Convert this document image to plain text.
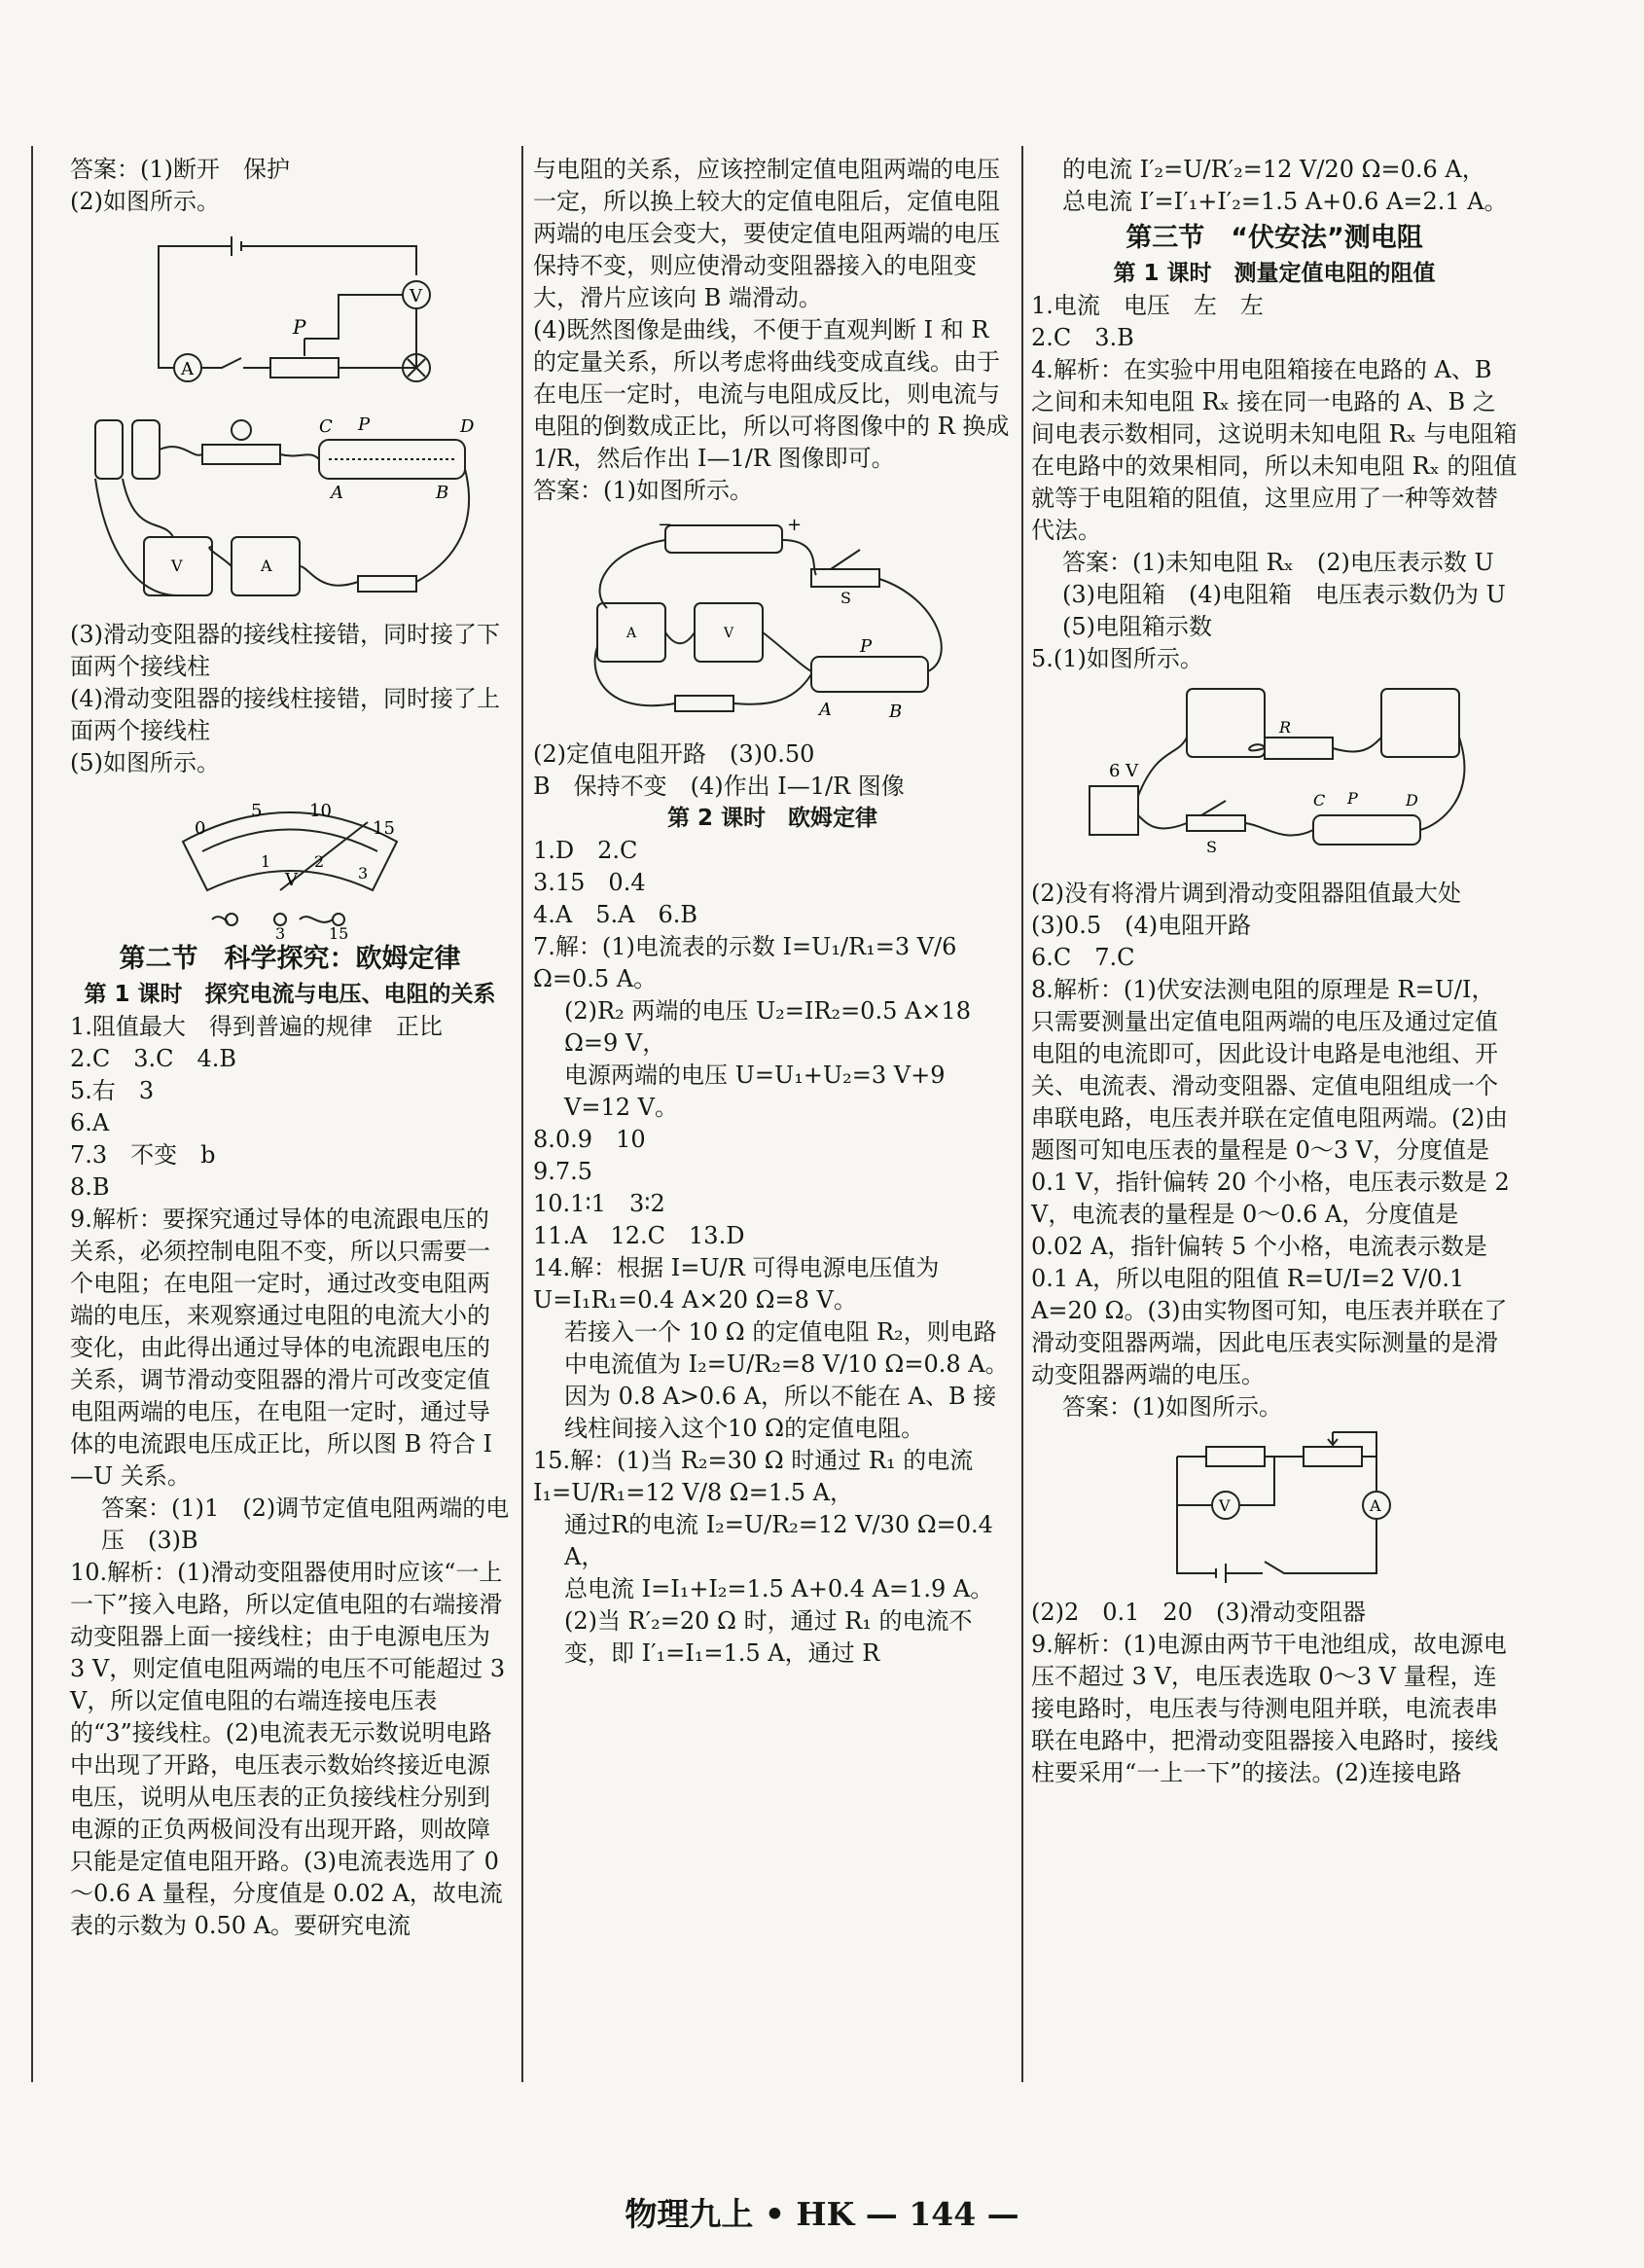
答案：(1)断开　保护

(2)如图所示。

A
V
P
C P	D
A	B
V	A

(3)滑动变阻器的接线柱接错，同时接了下面两个接线柱

(4)滑动变阻器的接线柱接错，同时接了上面两个接线柱

(5)如图所示。

0
5	10
15
1	2
3
V
3	15

第二节　科学探究：欧姆定律

第 1 课时　探究电流与电压、电阻的关系

1.阻值最大　得到普遍的规律　正比

2.C　3.C　4.B

5.右　3

6.A

7.3　不变　b

8.B

9.解析：要探究通过导体的电流跟电压的关系，必须控制电阻不变，所以只需要一个电阻；在电阻一定时，通过改变电阻两端的电压，来观察通过电阻的电流大小的变化，由此得出通过导体的电流跟电压的关系，调节滑动变阻器的滑片可改变定值电阻两端的电压，在电阻一定时，通过导体的电流跟电压成正比，所以图 B 符合 I—U 关系。

答案：(1)1　(2)调节定值电阻两端的电压　(3)B

10.解析：(1)滑动变阻器使用时应该“一上一下”接入电路，所以定值电阻的右端接滑动变阻器上面一接线柱；由于电源电压为 3 V，则定值电阻两端的电压不可能超过 3 V，所以定值电阻的右端连接电压表的“3”接线柱。(2)电流表无示数说明电路中出现了开路，电压表示数始终接近电源电压，说明从电压表的正负接线柱分别到电源的正负两极间没有出现开路，则故障只能是定值电阻开路。(3)电流表选用了 0～0.6 A 量程，分度值是 0.02 A，故电流表的示数为 0.50 A。要研究电流

与电阻的关系，应该控制定值电阻两端的电压一定，所以换上较大的定值电阻后，定值电阻两端的电压会变大，要使定值电阻两端的电压保持不变，则应使滑动变阻器接入的电阻变大，滑片应该向 B 端滑动。

(4)既然图像是曲线，不便于直观判断 I 和 R 的定量关系，所以考虑将曲线变成直线。由于在电压一定时，电流与电阻成反比，则电流与电阻的倒数成正比，所以可将图像中的 R 换成 1/R，然后作出 I—1/R 图像即可。

答案：(1)如图所示。

−	+
S
P
A	B
A	V

(2)定值电阻开路　(3)0.50

B　保持不变　(4)作出 I—1/R 图像

第 2 课时　欧姆定律

1.D　2.C

3.15　0.4

4.A　5.A　6.B

7.解：(1)电流表的示数 I=U₁/R₁=3 V/6 Ω=0.5 A。

(2)R₂ 两端的电压 U₂=IR₂=0.5 A×18 Ω=9 V，

电源两端的电压 U=U₁+U₂=3 V+9 V=12 V。

8.0.9　10

9.7.5

10.1∶1　3∶2

11.A　12.C　13.D

14.解：根据 I=U/R 可得电源电压值为 U=I₁R₁=0.4 A×20 Ω=8 V。

若接入一个 10 Ω 的定值电阻 R₂，则电路中电流值为 I₂=U/R₂=8 V/10 Ω=0.8 A。

因为 0.8 A>0.6 A，所以不能在 A、B 接线柱间接入这个10 Ω的定值电阻。

15.解：(1)当 R₂=30 Ω 时通过 R₁ 的电流 I₁=U/R₁=12 V/8 Ω=1.5 A，

通过R的电流 I₂=U/R₂=12 V/30 Ω=0.4 A，

总电流 I=I₁+I₂=1.5 A+0.4 A=1.9 A。

(2)当 R′₂=20 Ω 时，通过 R₁ 的电流不变，即 I′₁=I₁=1.5 A，通过 R

的电流 I′₂=U/R′₂=12 V/20 Ω=0.6 A，

总电流 I′=I′₁+I′₂=1.5 A+0.6 A=2.1 A。

第三节　“伏安法”测电阻

第 1 课时　测量定值电阻的阻值

1.电流　电压　左　左

2.C　3.B

4.解析：在实验中用电阻箱接在电路的 A、B 之间和未知电阻 Rₓ 接在同一电路的 A、B 之间电表示数相同，这说明未知电阻 Rₓ 与电阻箱在电路中的效果相同，所以未知电阻 Rₓ 的阻值就等于电阻箱的阻值，这里应用了一种等效替代法。

答案：(1)未知电阻 Rₓ　(2)电压表示数 U　(3)电阻箱　(4)电阻箱　电压表示数仍为 U　(5)电阻箱示数

5.(1)如图所示。

6 V
R
S
C P	D

(2)没有将滑片调到滑动变阻器阻值最大处　(3)0.5　(4)电阻开路

6.C　7.C

8.解析：(1)伏安法测电阻的原理是 R=U/I，只需要测量出定值电阻两端的电压及通过定值电阻的电流即可，因此设计电路是电池组、开关、电流表、滑动变阻器、定值电阻组成一个串联电路，电压表并联在定值电阻两端。(2)由题图可知电压表的量程是 0～3 V，分度值是 0.1 V，指针偏转 20 个小格，电压表示数是 2 V，电流表的量程是 0～0.6 A，分度值是 0.02 A，指针偏转 5 个小格，电流表示数是0.1 A，所以电阻的阻值 R=U/I=2 V/0.1 A=20 Ω。(3)由实物图可知，电压表并联在了滑动变阻器两端，因此电压表实际测量的是滑动变阻器两端的电压。

答案：(1)如图所示。

V	A

(2)2　0.1　20　(3)滑动变阻器

9.解析：(1)电源由两节干电池组成，故电源电压不超过 3 V，电压表选取 0～3 V 量程，连接电路时，电压表与待测电阻并联，电流表串联在电路中，把滑动变阻器接入电路时，接线柱要采用“一上一下”的接法。(2)连接电路

物理九上 • HK — 144 —
